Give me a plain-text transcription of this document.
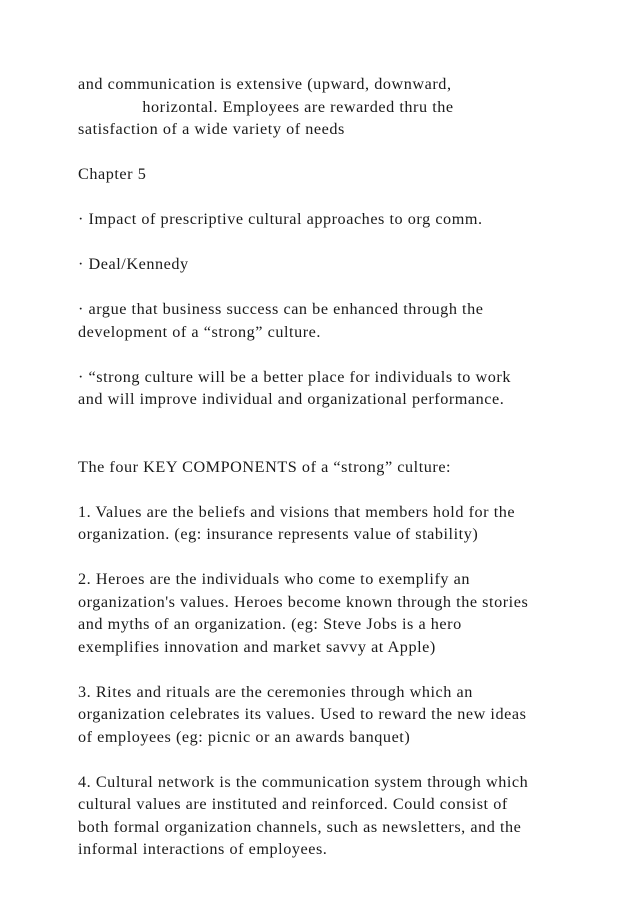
and communication is extensive (upward, downward,
horizontal. Employees are rewarded thru the
satisfaction of a wide variety of needs
Chapter 5
· Impact of prescriptive cultural approaches to org comm.
· Deal/Kennedy
· argue that business success can be enhanced through the
development of a “strong” culture.
· “strong culture will be a better place for individuals to work
and will improve individual and organizational performance.
The four KEY COMPONENTS of a “strong” culture:
1. Values are the beliefs and visions that members hold for the
organization. (eg: insurance represents value of stability)
2. Heroes are the individuals who come to exemplify an
organization's values. Heroes become known through the stories
and myths of an organization. (eg: Steve Jobs is a hero
exemplifies innovation and market savvy at Apple)
3. Rites and rituals are the ceremonies through which an
organization celebrates its values. Used to reward the new ideas
of employees (eg: picnic or an awards banquet)
4. Cultural network is the communication system through which
cultural values are instituted and reinforced. Could consist of
both formal organization channels, such as newsletters, and the
informal interactions of employees.
